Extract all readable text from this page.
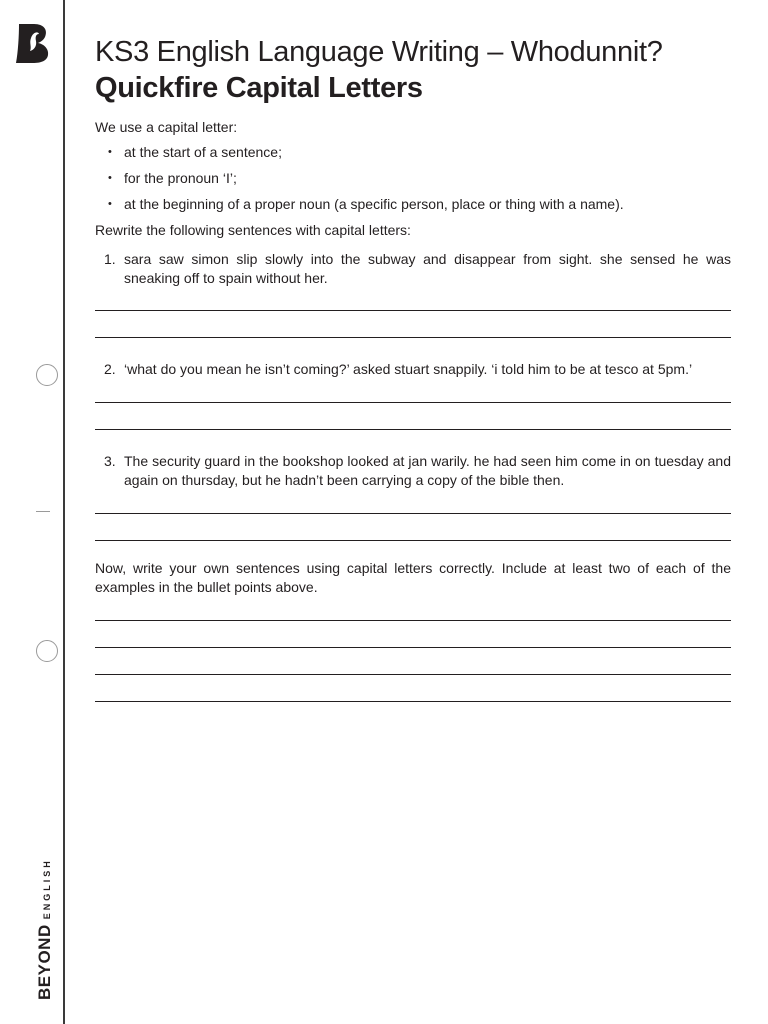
BEYOND
ENGLISH
KS3 English Language Writing – Whodunnit?
Quickfire Capital Letters

We use a capital letter:

• at the start of a sentence;
• for the pronoun ‘I’;
• at the beginning of a proper noun (a specific person, place or thing with a name).

Rewrite the following sentences with capital letters:

1. sara saw simon slip slowly into the subway and disappear from sight. she sensed he was sneaking off to spain without her.
2. ‘what do you mean he isn’t coming?’ asked stuart snappily. ‘i told him to be at tesco at 5pm.’
3. The security guard in the bookshop looked at jan warily. he had seen him come in on tuesday and again on thursday, but he hadn’t been carrying a copy of the bible then.

Now, write your own sentences using capital letters correctly. Include at least two of each of the examples in the bullet points above.
